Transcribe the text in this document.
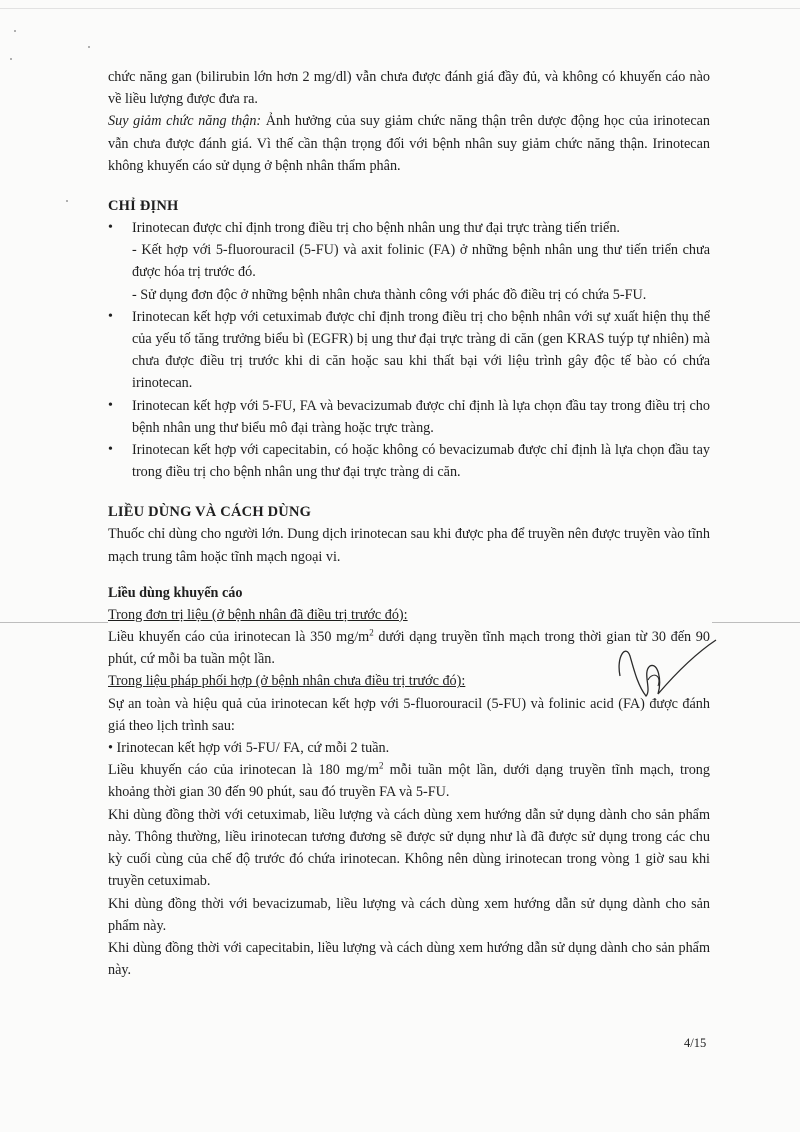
chức năng gan (bilirubin lớn hơn 2 mg/dl) vẫn chưa được đánh giá đầy đủ, và không có khuyến cáo nào về liều lượng được đưa ra.

Suy giảm chức năng thận: Ảnh hưởng của suy giảm chức năng thận trên dược động học của irinotecan vẫn chưa được đánh giá. Vì thế cần thận trọng đối với bệnh nhân suy giảm chức năng thận. Irinotecan không khuyến cáo sử dụng ở bệnh nhân thẩm phân.

CHỈ ĐỊNH
• Irinotecan được chỉ định trong điều trị cho bệnh nhân ung thư đại trực tràng tiến triển.
- Kết hợp với 5-fluorouracil (5-FU) và axit folinic (FA) ở những bệnh nhân ung thư tiến triển chưa được hóa trị trước đó.
- Sử dụng đơn độc ở những bệnh nhân chưa thành công với phác đồ điều trị có chứa 5-FU.
• Irinotecan kết hợp với cetuximab được chỉ định trong điều trị cho bệnh nhân với sự xuất hiện thụ thể của yếu tố tăng trưởng biểu bì (EGFR) bị ung thư đại trực tràng di căn (gen KRAS tuýp tự nhiên) mà chưa được điều trị trước khi di căn hoặc sau khi thất bại với liệu trình gây độc tế bào có chứa irinotecan.
• Irinotecan kết hợp với 5-FU, FA và bevacizumab được chỉ định là lựa chọn đầu tay trong điều trị cho bệnh nhân ung thư biểu mô đại tràng hoặc trực tràng.
• Irinotecan kết hợp với capecitabin, có hoặc không có bevacizumab được chỉ định là lựa chọn đầu tay trong điều trị cho bệnh nhân ung thư đại trực tràng di căn.
LIỀU DÙNG VÀ CÁCH DÙNG

Thuốc chỉ dùng cho người lớn. Dung dịch irinotecan sau khi được pha để truyền nên được truyền vào tĩnh mạch trung tâm hoặc tĩnh mạch ngoại vi.

Liều dùng khuyến cáo

Trong đơn trị liệu (ở bệnh nhân đã điều trị trước đó):

Liều khuyến cáo của irinotecan là 350 $mg/m^2$ dưới dạng truyền tĩnh mạch trong thời gian từ 30 đến 90 phút, cứ mỗi ba tuần một lần.

Trong liệu pháp phối hợp (ở bệnh nhân chưa điều trị trước đó):

Sự an toàn và hiệu quả của irinotecan kết hợp với 5-fluorouracil (5-FU) và folinic acid (FA) được đánh giá theo lịch trình sau:

• Irinotecan kết hợp với 5-FU/ FA, cứ mỗi 2 tuần.

Liều khuyến cáo của irinotecan là 180 $mg/m^2$ mỗi tuần một lần, dưới dạng truyền tĩnh mạch, trong khoảng thời gian 30 đến 90 phút, sau đó truyền FA và 5-FU.

Khi dùng đồng thời với cetuximab, liều lượng và cách dùng xem hướng dẫn sử dụng dành cho sản phẩm này. Thông thường, liều irinotecan tương đương sẽ được sử dụng như là đã được sử dụng trong các chu kỳ cuối cùng của chế độ trước đó chứa irinotecan. Không nên dùng irinotecan trong vòng 1 giờ sau khi truyền cetuximab.

Khi dùng đồng thời với bevacizumab, liều lượng và cách dùng xem hướng dẫn sử dụng dành cho sản phẩm này.

Khi dùng đồng thời với capecitabin, liều lượng và cách dùng xem hướng dẫn sử dụng dành cho sản phẩm này.

4/15
